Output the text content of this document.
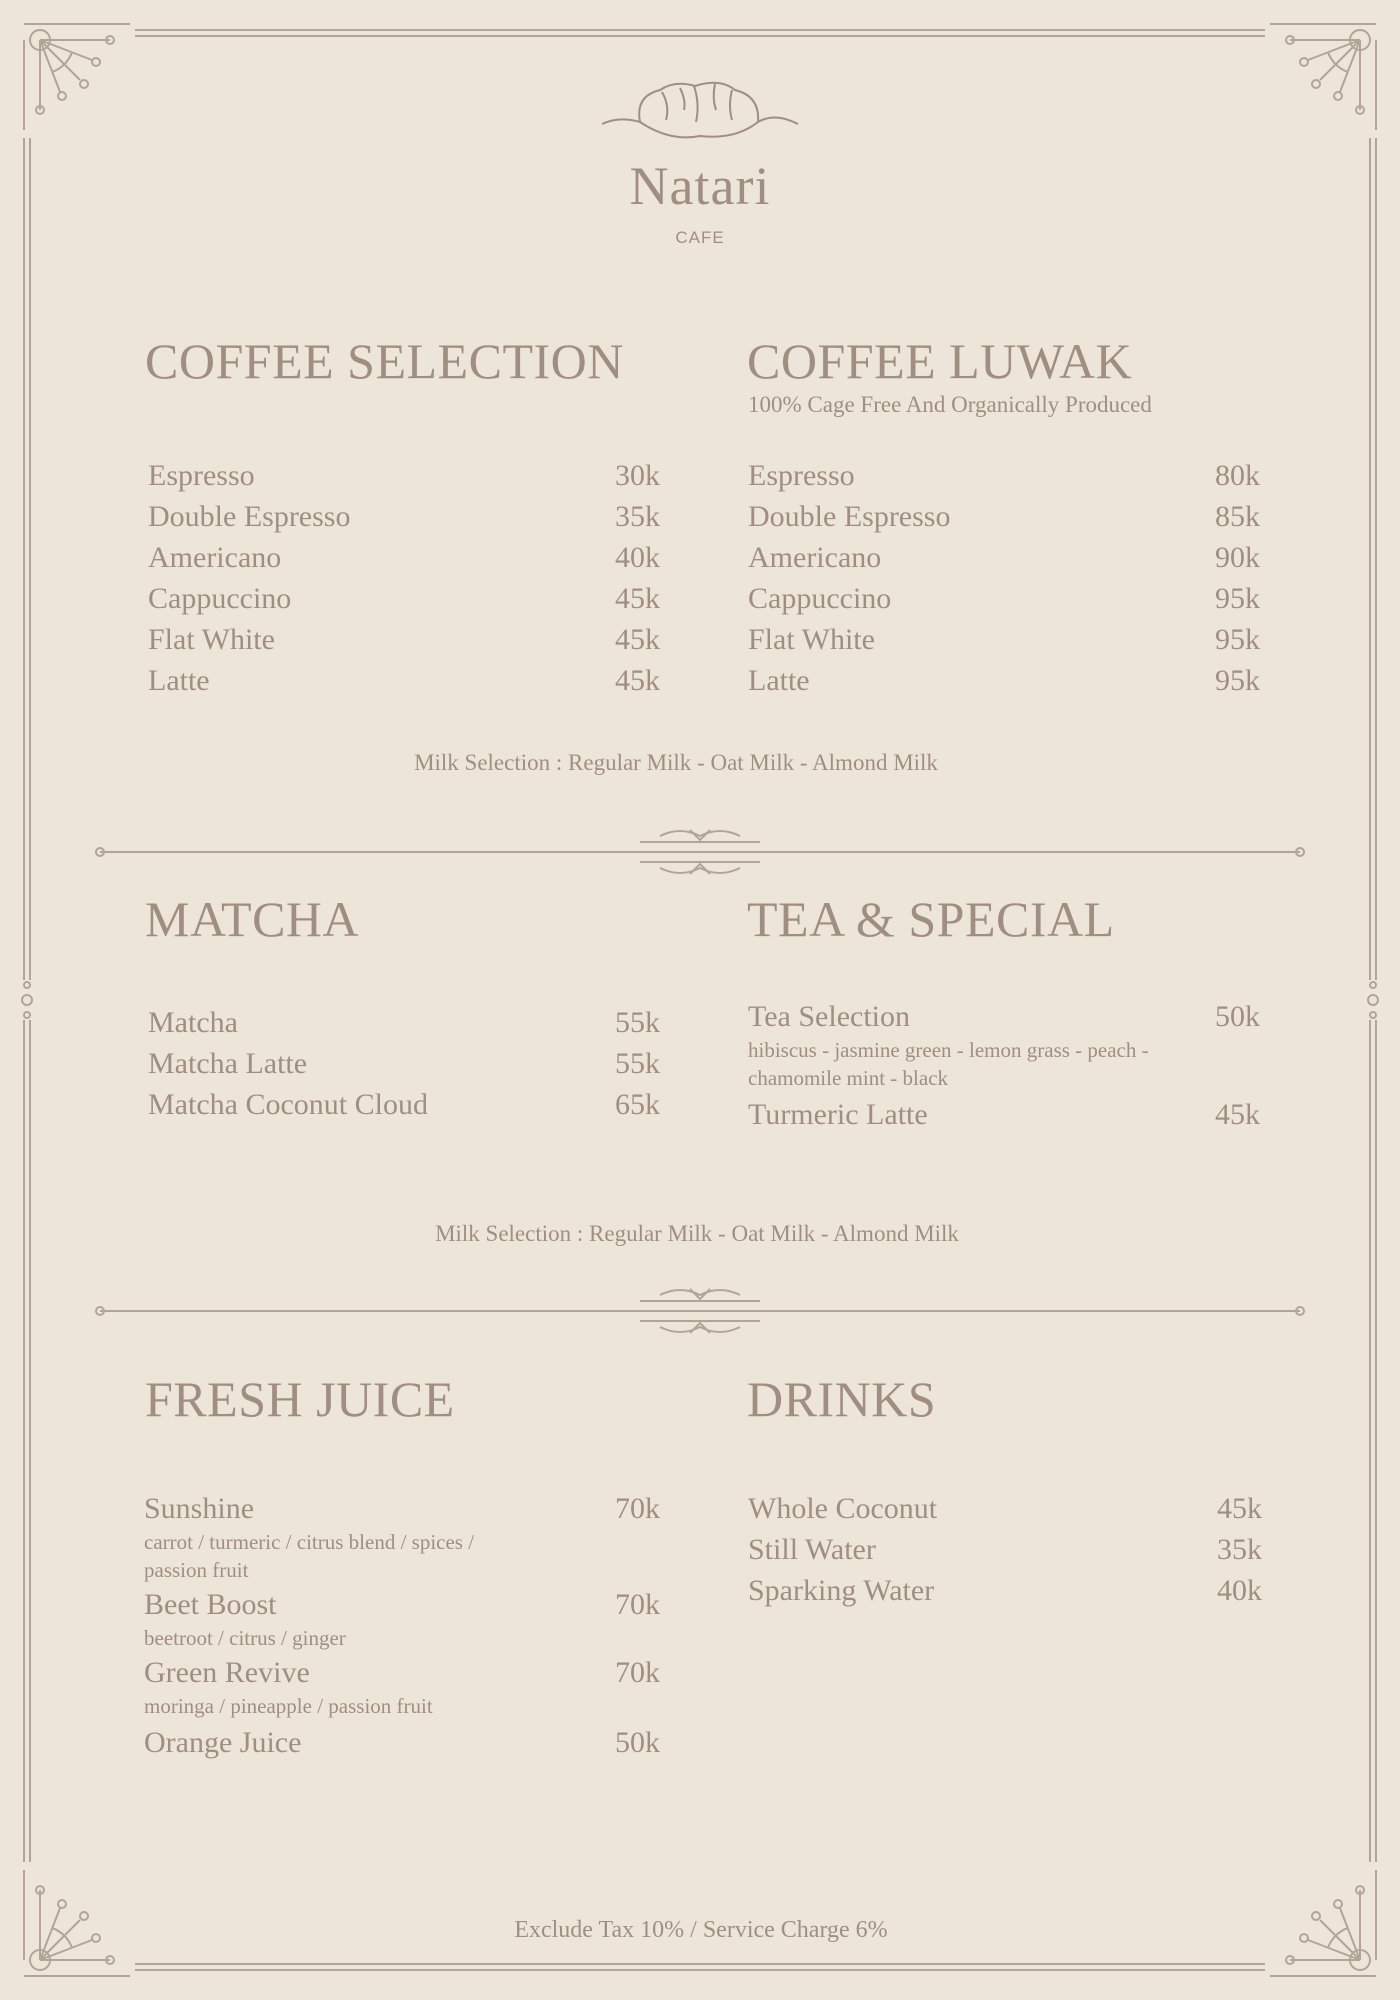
Natari
CAFE
COFFEE SELECTION
Espresso	30k
Double Espresso	35k
Americano	40k
Cappuccino	45k
Flat White	45k
Latte	45k
COFFEE LUWAK
100% Cage Free And Organically Produced
Espresso	80k
Double Espresso	85k
Americano	90k
Cappuccino	95k
Flat White	95k
Latte	95k
Milk Selection : Regular Milk - Oat Milk - Almond Milk
MATCHA
Matcha	55k
Matcha Latte	55k
Matcha Coconut Cloud	65k
TEA & SPECIAL
Tea Selection	50k
hibiscus - jasmine green - lemon grass - peach -
chamomile mint - black
Turmeric Latte	45k
Milk Selection : Regular Milk - Oat Milk - Almond Milk
FRESH JUICE
Sunshine	70k
carrot / turmeric / citrus blend / spices /
passion fruit
Beet Boost	70k
beetroot / citrus / ginger
Green Revive	70k
moringa / pineapple / passion fruit
Orange Juice	50k
DRINKS
Whole Coconut	45k
Still Water	35k
Sparking Water	40k
Exclude Tax 10% / Service Charge 6%
